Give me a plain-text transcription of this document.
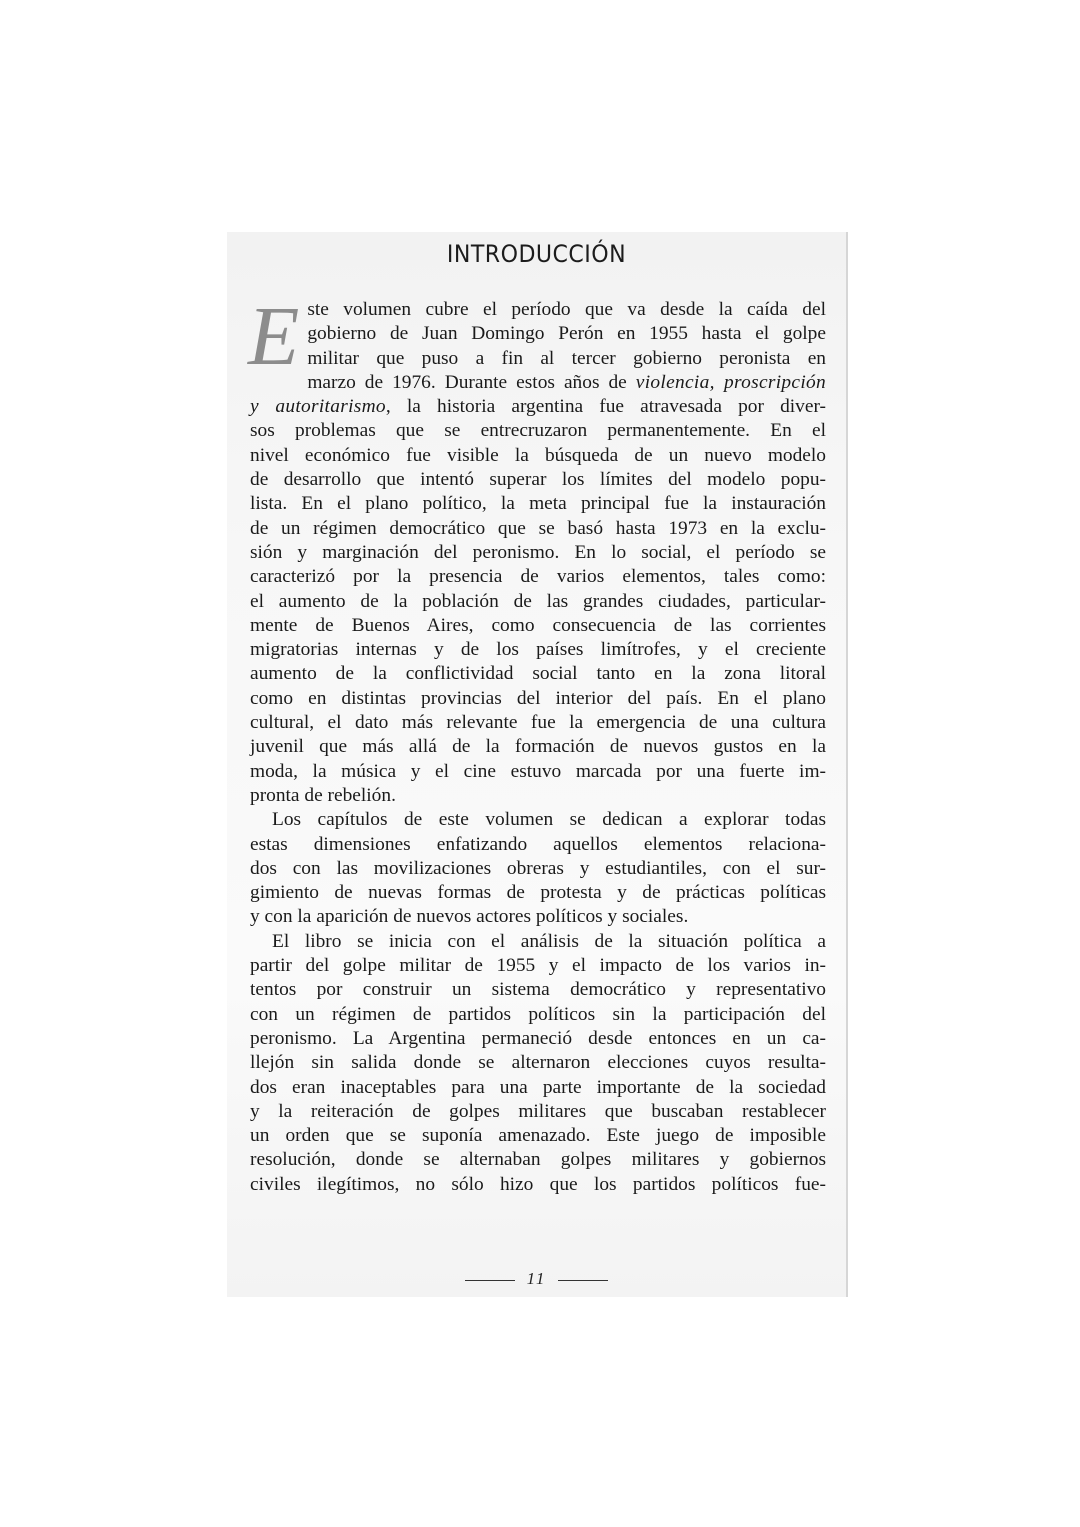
INTRODUCCIÓN
E ste volumen cubre el período que va desde la caída del
gobierno de Juan Domingo Perón en 1955 hasta el golpe
militar que puso a fin al tercer gobierno peronista en
marzo de 1976. Durante estos años de violencia, proscripción
y autoritarismo, la historia argentina fue atravesada por diver-
sos problemas que se entrecruzaron permanentemente. En el
nivel económico fue visible la búsqueda de un nuevo modelo
de desarrollo que intentó superar los límites del modelo popu-
lista. En el plano político, la meta principal fue la instauración
de un régimen democrático que se basó hasta 1973 en la exclu-
sión y marginación del peronismo. En lo social, el período se
caracterizó por la presencia de varios elementos, tales como:
el aumento de la población de las grandes ciudades, particular-
mente de Buenos Aires, como consecuencia de las corrientes
migratorias internas y de los países limítrofes, y el creciente
aumento de la conflictividad social tanto en la zona litoral
como en distintas provincias del interior del país. En el plano
cultural, el dato más relevante fue la emergencia de una cultura
juvenil que más allá de la formación de nuevos gustos en la
moda, la música y el cine estuvo marcada por una fuerte im-
pronta de rebelión.
Los capítulos de este volumen se dedican a explorar todas
estas dimensiones enfatizando aquellos elementos relaciona-
dos con las movilizaciones obreras y estudiantiles, con el sur-
gimiento de nuevas formas de protesta y de prácticas políticas
y con la aparición de nuevos actores políticos y sociales.
El libro se inicia con el análisis de la situación política a
partir del golpe militar de 1955 y el impacto de los varios in-
tentos por construir un sistema democrático y representativo
con un régimen de partidos políticos sin la participación del
peronismo. La Argentina permaneció desde entonces en un ca-
llejón sin salida donde se alternaron elecciones cuyos resulta-
dos eran inaceptables para una parte importante de la sociedad
y la reiteración de golpes militares que buscaban restablecer
un orden que se suponía amenazado. Este juego de imposible
resolución, donde se alternaban golpes militares y gobiernos
civiles ilegítimos, no sólo hizo que los partidos políticos fue-
11
